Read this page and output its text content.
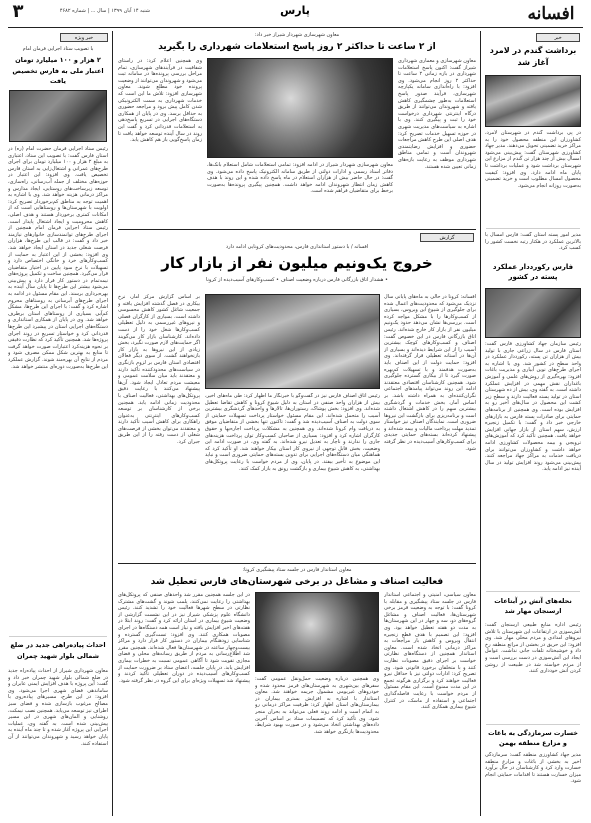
افسانه
پارس
شنبه ۱۴ آبان ۱۳۹۹ | سال ... | شماره ۴۶۸۲
۳
خبر
برداشت گندم در لامرد آغاز شد
در پی برداشت گندم در شهرستان لامرد، کشاورزان این منطقه محصول خود را به مراکز خرید تضمینی تحویل می‌دهند. مدیر جهاد کشاورزی شهرستان گفت: پیش‌بینی می‌شود امسال بیش از چند هزار تن گندم از مزارع این شهرستان برداشت شود و عملیات برداشت تا پایان ماه ادامه دارد. وی افزود: کیفیت محصول امسال مطلوب است و خرید تضمینی به‌صورت روزانه انجام می‌شود.
مدیر امور پسته استان گفت: فارس امسال با بالاترین عملکرد در هکتار رتبه نخست کشور را کسب کرد.
فارس رکورددار عملکرد پسته در کشور
رئیس سازمان جهاد کشاورزی فارس گفت: استان فارس در سال زراعی جاری با تولید بیش از هزاران تن پسته، رکورددار عملکرد در واحد سطح در کشور شد. وی با اشاره به اجرای طرح‌های نوین آبیاری و مدیریت باغات افزود: بهره‌گیری از روش‌های علمی و آموزش باغداران نقش مهمی در افزایش عملکرد داشته است. به گفته وی، بیش از ده شهرستان استان در تولید پسته فعالیت دارند و سطح زیر کشت این محصول در سال‌های اخیر رو به افزایش بوده است. وی همچنین از برنامه‌های حمایتی برای صادرات پسته فارس به بازارهای خارجی خبر داد و گفت: با تکمیل زنجیره ارزش، سهم استان از بازار جهانی افزایش خواهد یافت. همچنین تأکید کرد که آموزش‌های ترویجی و بیمه محصولات کشاورزی ادامه خواهد داشت و کشاورزان می‌توانند برای دریافت خدمات به مراکز جهاد مراجعه کنند. پیش‌بینی می‌شود روند افزایش تولید در سال آینده نیز ادامه یابد.
نحله‌های آتش در آبتاعات ارسنجان مهار شد
رئیس اداره منابع طبیعی ارسنجان گفت: آتش‌سوزی در ارتفاعات این شهرستان با تلاش نیروهای امدادی و مردم محلی مهار شد. وی افزود: این حریق در بخشی از مراتع منطقه رخ داد و خوشبختانه تلفات جانی نداشت. عوامل ایجاد این آتش‌سوزی در دست بررسی است و از مردم خواسته شد در طبیعت از روشن کردن آتش خودداری کنند.
خسارت سرمازدگی به باغات و مزارع منطقه بهمن
مدیر جهاد کشاورزی منطقه گفت: سرمازدگی اخیر به بخشی از باغات و مزارع منطقه خسارت وارد کرد و کارشناسان در حال برآورد میزان خسارت هستند تا اقدامات حمایتی انجام شود.
معاون شهرسازی شهردار شیراز خبر داد:
از ۲ ساعت تا حداکثر ۲ روز پاسخ استعلامات شهرداری را بگیرید
معاون شهرسازی و معماری شهرداری شیراز گفت: اکنون پاسخ استعلامات شهرداری در بازه زمانی ۲ ساعت تا حداکثر ۲ روز انجام می‌شود. وی افزود: با راه‌اندازی سامانه یکپارچه شهرسازی، فرآیند صدور پاسخ استعلامات به‌طور چشمگیری کاهش یافته و شهروندان می‌توانند از طریق درگاه اینترنتی شهرداری درخواست خود را ثبت و پیگیری کنند. وی با اشاره به سیاست‌های مدیریت شهری در حوزه تسهیل خدمات تصریح کرد: هدف اصلی این طرح کاهش مراجعات حضوری و افزایش رضایتمندی شهروندان است و تمامی مناطق شهرداری موظف به رعایت بازه‌های زمانی تعیین شده هستند.
معاون شهرسازی شهردار شیراز در ادامه افزود: تمامی استعلامات شامل استعلام بانک‌ها، دفاتر اسناد رسمی و ادارات دولتی از طریق سامانه الکترونیک پاسخ داده می‌شود. وی گفت: در حال حاضر بیش از هزاران استعلام در ماه پاسخ داده شده و این روند با هدف کاهش زمان انتظار شهروندان ادامه خواهد داشت. همچنین پیگیری پرونده‌ها به‌صورت برخط برای متقاضیان فراهم شده است.
وی همچنین اعلام کرد: در راستای شفافیت در فرآیندهای شهرسازی، تمام مراحل بررسی پرونده‌ها در سامانه ثبت می‌شود و شهروندان می‌توانند از وضعیت پرونده خود مطلع شوند. معاون شهرسازی افزود: تلاش ما این است که خدمات شهرداری به سمت الکترونیکی شدن کامل پیش برود و مراجعه حضوری به حداقل برسد. وی در پایان از همکاری دستگاه‌های اجرایی در تسریع پاسخ‌دهی به استعلامات قدردانی کرد و گفت این روند در سال آینده توسعه خواهد یافت تا زمان پاسخ‌گویی باز هم کاهش یابد.
گزارش
افسانه / با دستور استانداری فارس، محدودیت‌های کرونایی ادامه دارد
خروج یک‌ونیم میلیون نفر از بازار کار
• هشدار اتاق بازرگانی فارس درباره وضعیت اصناف • کسب‌وکارهای آسیب‌دیده از کرونا
افسانه: کرونا در حالی به ماه‌های پایانی سال نزدیک می‌شود که محدودیت‌های اعمال شده برای جلوگیری از شیوع این ویروس، بسیاری از کسب‌وکارها را با مشکل مواجه کرده است. بررسی‌ها نشان می‌دهد حدود یک‌ونیم میلیون نفر از بازار کار خارج شده‌اند. رئیس اتاق بازرگانی فارس در این خصوص گفت: اصناف و کسب‌وکارهای کوچک بیشترین آسیب را از این شرایط دیده‌اند و بسیاری از آن‌ها در آستانه تعطیلی قرار گرفته‌اند. وی افزود: حمایت دولت از این اصناف باید به‌صورت هدفمند و با تسهیلات کم‌بهره صورت گیرد تا از بیکاری گسترده جلوگیری شود. همچنین کارشناسان اقتصادی معتقدند ادامه این روند می‌تواند پیامدهای اجتماعی نگران‌کننده‌ای به همراه داشته باشد. بر اساس آمار، بخش خدمات و گردشگری بیشترین سهم را در کاهش اشتغال داشته است و برنامه‌ریزی برای بازگشت این نیروها ضروری است. نمایندگان اصناف نیز خواستار تمدید مهلت پرداخت مالیات و بیمه شده‌اند و پیشنهاد کرده‌اند بسته‌های حمایتی جدیدی برای کسب‌وکارهای آسیب‌دیده در نظر گرفته شود.
بر اساس گزارش مرکز آمار، نرخ بیکاری در فصل گذشته افزایش یافته و جمعیت شاغل کشور کاهش محسوسی داشته است. بسیاری از کارگران فصلی و نیروهای غیررسمی به دلیل تعطیلی کسب‌وکارها شغل خود را از دست داده‌اند. کارشناسان بازار کار می‌گویند اگر حمایت‌های لازم صورت نگیرد، بخش زیادی از این نیروها به بازار کار بازنخواهند گشت. از سوی دیگر فعالان اقتصادی استان فارس بر لزوم بازنگری در سیاست‌های محدودکننده تأکید دارند و معتقدند باید میان سلامت عمومی و معیشت مردم تعادل ایجاد شود. آن‌ها پیشنهاد می‌کنند با رعایت دقیق پروتکل‌های بهداشتی، فعالیت اصناف با محدودیت زمانی ادامه یابد. همچنین برخی از کارشناسان بر توسعه کسب‌وکارهای اینترنتی به‌عنوان راهکاری برای کاهش آسیب تأکید دارند و معتقدند می‌توان بخشی از فرصت‌های شغلی از دست رفته را از این طریق جبران کرد.
رئیس اتاق اصناف فارس نیز در گفت‌وگو با خبرنگار ما اظهار کرد: طی ماه‌های اخیر، بیش از هزاران واحد صنفی در استان به دلیل شیوع کرونا و کاهش تقاضا تعطیل شده‌اند. وی افزود: بخش پوشاک، رستوران‌ها، تالارها و واحدهای گردشگری بیشترین آسیب را متحمل شده‌اند. این مقام مسئول خواستار پرداخت تسهیلات حمایتی از سوی دولت به اصناف آسیب‌دیده شد و گفت: تاکنون تنها بخشی از متقاضیان موفق به دریافت وام کرونا شده‌اند. وی همچنین به مشکلات پرداخت اجاره‌بها و حقوق کارگران اشاره کرد و افزود: بسیاری از صاحبان کسب‌وکار توان پرداخت هزینه‌های جاری را ندارند و ناچار به تعدیل نیرو شده‌اند. به گفته وی، در صورت ادامه این وضعیت، بخش قابل توجهی از نیروی کار استان بیکار خواهند شد. او تأکید کرد که هماهنگی میان دستگاه‌های اجرایی برای تدوین بسته‌های حمایتی ضروری است و نباید این موضوع به تأخیر بیفتد. در پایان، وی از مردم خواست با رعایت پروتکل‌های بهداشتی، به کاهش شیوع بیماری و بازگشت رونق به بازار کمک کنند.
معاون استاندار فارس در جلسه ستاد پیشگیری کرونا:
فعالیت اصناف و مشاغل در برخی شهرستان‌های فارس تعطیل شد
معاون سیاسی، امنیتی و اجتماعی استاندار فارس در جلسه ستاد پیشگیری و مقابله با کرونا گفت: با توجه به وضعیت قرمز برخی شهرستان‌ها، فعالیت اصناف و مشاغل گروه‌های دو، سه و چهار در این شهرستان‌ها به مدت دو هفته تعطیل خواهد بود. وی افزود: این تصمیم با هدف قطع زنجیره انتقال ویروس و کاهش بار مراجعات به مراکز درمانی اتخاذ شده است. معاون استاندار همچنین از دستگاه‌های نظارتی خواست بر اجرای دقیق مصوبات نظارت کنند و با متخلفان برخورد قانونی شود. وی تصریح کرد: ادارات دولتی نیز با حداقل نیرو فعالیت خواهند کرد و برگزاری هرگونه تجمع در این مدت ممنوع است. این مقام مسئول از مردم خواست با رعایت فاصله‌گذاری اجتماعی و استفاده از ماسک، در کنترل شیوع بیماری همکاری کنند.
وی همچنین درباره وضعیت حمل‌ونقل عمومی گفت: سفرهای بین‌شهری به شهرستان‌های قرمز محدود شده و خودروهای غیربومی مشمول جریمه خواهند شد. معاون استاندار با اشاره به افزایش بستری بیماران در بیمارستان‌های استان اظهار کرد: ظرفیت مراکز درمانی رو به اتمام است و ادامه روند فعلی می‌تواند به بحران منجر شود. وی تأکید کرد که تصمیمات ستاد بر اساس آخرین داده‌های بهداشتی اتخاذ می‌شود و در صورت بهبود شرایط، محدودیت‌ها بازنگری خواهد شد.
در این جلسه همچنین مقرر شد واحدهای صنفی که پروتکل‌های بهداشتی را رعایت نمی‌کنند، پلمب شوند و گشت‌های مشترک نظارتی در سطح شهرها فعالیت خود را تشدید کنند. رئیس دانشگاه علوم پزشکی شیراز نیز در این نشست گزارشی از وضعیت شیوع بیماری در استان ارائه کرد و گفت: روند ابتلا در هفته‌های اخیر افزایش یافته و نیاز است همه دستگاه‌ها در اجرای مصوبات همکاری کنند. وی افزود: تست‌گیری گسترده و شناسایی زودهنگام بیماران در دستور کار قرار دارد و مراکز بیست‌وچهار ساعته در شهرستان‌ها فعال شده‌اند. همچنین مقرر شد اطلاع‌رسانی به مردم از طریق رسانه‌های محلی و فضای مجازی تقویت شود تا آگاهی عمومی نسبت به خطرات بیماری افزایش یابد. در پایان جلسه، اعضای ستاد بر ضرورت حمایت از کسب‌وکارهای آسیب‌دیده در دوران تعطیلی تأکید کردند و پیشنهاد شد تسهیلات ویژه‌ای برای این گروه در نظر گرفته شود.
خبر ویژه
با تصویب ستاد اجرایی فرمان امام
۲ هزار و ۱۰۰ میلیارد تومان اعتبار ملی به فارس تخصیص یافت
رئیس ستاد اجرایی فرمان حضرت امام (ره) در استان فارس گفت: با تصویب این ستاد، اعتباری به مبلغ ۲ هزار و ۱۰۰ میلیارد تومان برای اجرای طرح‌های عمرانی و اشتغال‌زایی به استان فارس تخصیص یافت. وی افزود: این اعتبار در حوزه‌های مختلف از جمله آب‌رسانی، راه‌سازی، توسعه زیرساخت‌های روستایی، ایجاد مدارس و مراکز درمانی هزینه خواهد شد. وی با اشاره به اهمیت توجه به مناطق کم‌برخوردار تصریح کرد: اولویت با شهرستان‌ها و روستاهایی است که از امکانات کمتری برخوردار هستند و هدف اصلی، کاهش محرومیت و ایجاد اشتغال پایدار است. رئیس ستاد اجرایی فرمان امام همچنین از اجرای طرح‌های توانمندسازی خانوارهای نیازمند خبر داد و گفت: در قالب این طرح‌ها، هزاران فرصت شغلی جدید در استان ایجاد خواهد شد. وی افزود: بخشی از این اعتبار به حمایت از کسب‌وکارهای خرد و خانگی اختصاص دارد و تسهیلات با نرخ سود پایین در اختیار متقاضیان قرار می‌گیرد. همچنین ساخت و تکمیل پروژه‌های نیمه‌تمام در دستور کار قرار دارد و پیش‌بینی می‌شود بیشتر این طرح‌ها تا پایان سال آینده به بهره‌برداری برسند. این مقام مسئول در ادامه به اجرای طرح‌های آبرسانی به روستاهای محروم اشاره کرد و گفت: با اجرای این طرح‌ها، مشکل کم‌آبی بسیاری از روستاهای استان برطرف خواهد شد. وی در پایان از همکاری استانداری و دستگاه‌های اجرایی استان در پیشبرد این طرح‌ها قدردانی کرد و خواستار تسریع در روند اجرای پروژه‌ها شد. همچنین تأکید کرد که نظارت دقیقی بر نحوه هزینه‌کرد اعتبارات صورت خواهد گرفت تا منابع به بهترین شکل ممکن مصرف شود و مردم از نتایج آن بهره‌مند شوند. گزارش عملکرد این طرح‌ها به‌صورت دوره‌ای منتشر خواهد شد.
احداث پیاده‌راهی جدید در ضلع شمالی بلوار شهید چمران
معاون شهرداری شیراز از احداث پیاده‌راه جدید در ضلع شمالی بلوار شهید چمران خبر داد و گفت: این پروژه با هدف افزایش ایمنی عابران و ساماندهی فضای شهری اجرا می‌شود. وی افزود: در این طرح، مسیرهای پیاده‌روی با مصالح مرغوب بازسازی شده و فضای سبز اطراف نیز توسعه می‌یابد. همچنین نصب نیمکت، روشنایی و المان‌های شهری در این مسیر پیش‌بینی شده است. به گفته وی، عملیات اجرایی این پروژه آغاز شده و تا چند ماه آینده به پایان خواهد رسید و شهروندان می‌توانند از آن استفاده کنند.
